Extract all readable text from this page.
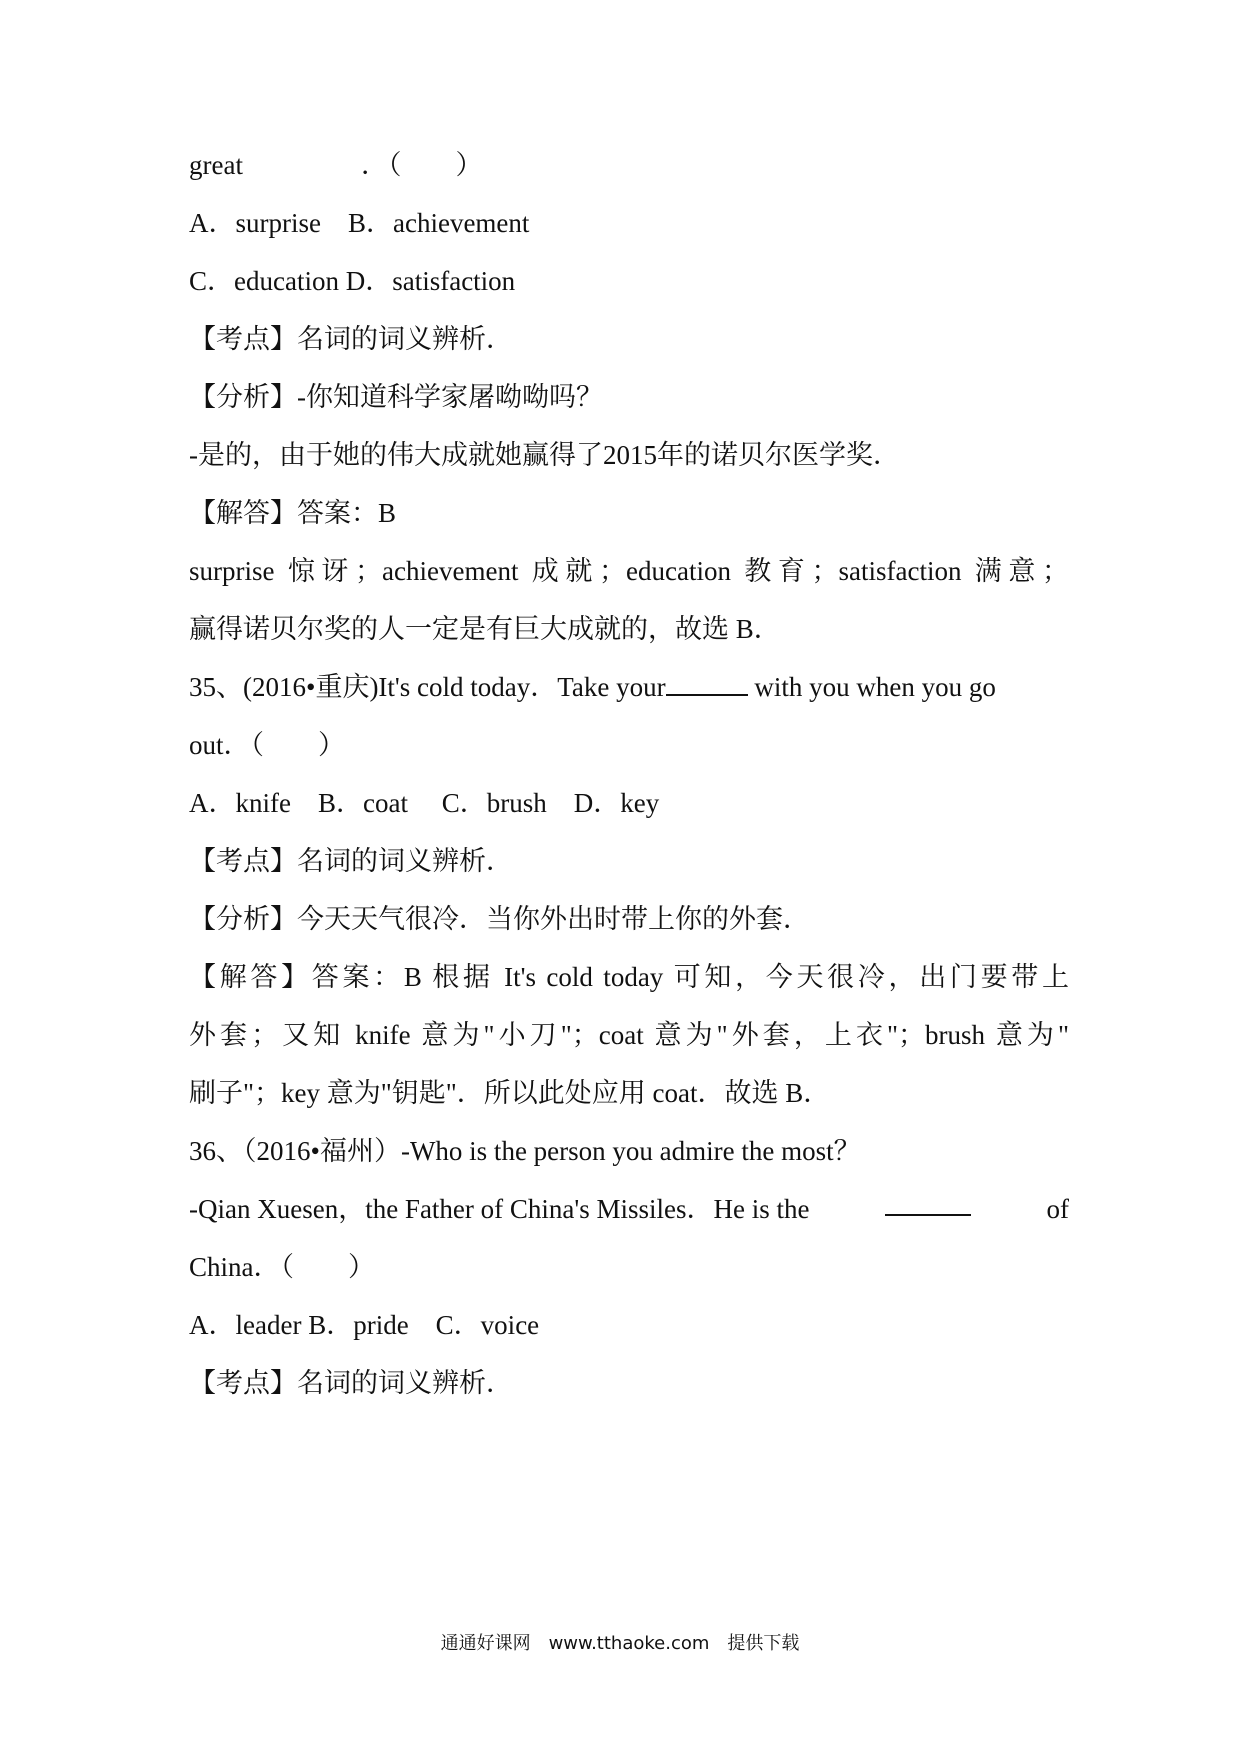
great	．（　　）
A．surprise　B．achievement
C．education D．satisfaction
【考点】名词的词义辨析．
【分析】-你知道科学家屠呦呦吗？
-是的，由于她的伟大成就她赢得了2015年的诺贝尔医学奖．
【解答】答案：B
surprise 惊讶；achievement 成就；education 教育；satisfaction 满意；
赢得诺贝尔奖的人一定是有巨大成就的，故选 B．
35、(2016•重庆)It's cold today．Take your	with you when you go
out．（　　）
A．knife　B．coat　 C．brush　D．key
【考点】名词的词义辨析．
【分析】今天天气很冷．当你外出时带上你的外套．
【解答】答案：B 根据 It's cold today 可知，今天很冷，出门要带上
外套；又知 knife 意为"小刀"；coat 意为"外套，上衣"；brush 意为"
刷子"；key 意为"钥匙"．所以此处应用 coat．故选 B．
36、（2016•福州）-Who is the person you admire the most？
-Qian Xuesen，the Father of China's Missiles．He is the	of
China．（　　）
A．leader B．pride　C．voice
【考点】名词的词义辨析．
通通好课网　www.tthaoke.com　提供下载
